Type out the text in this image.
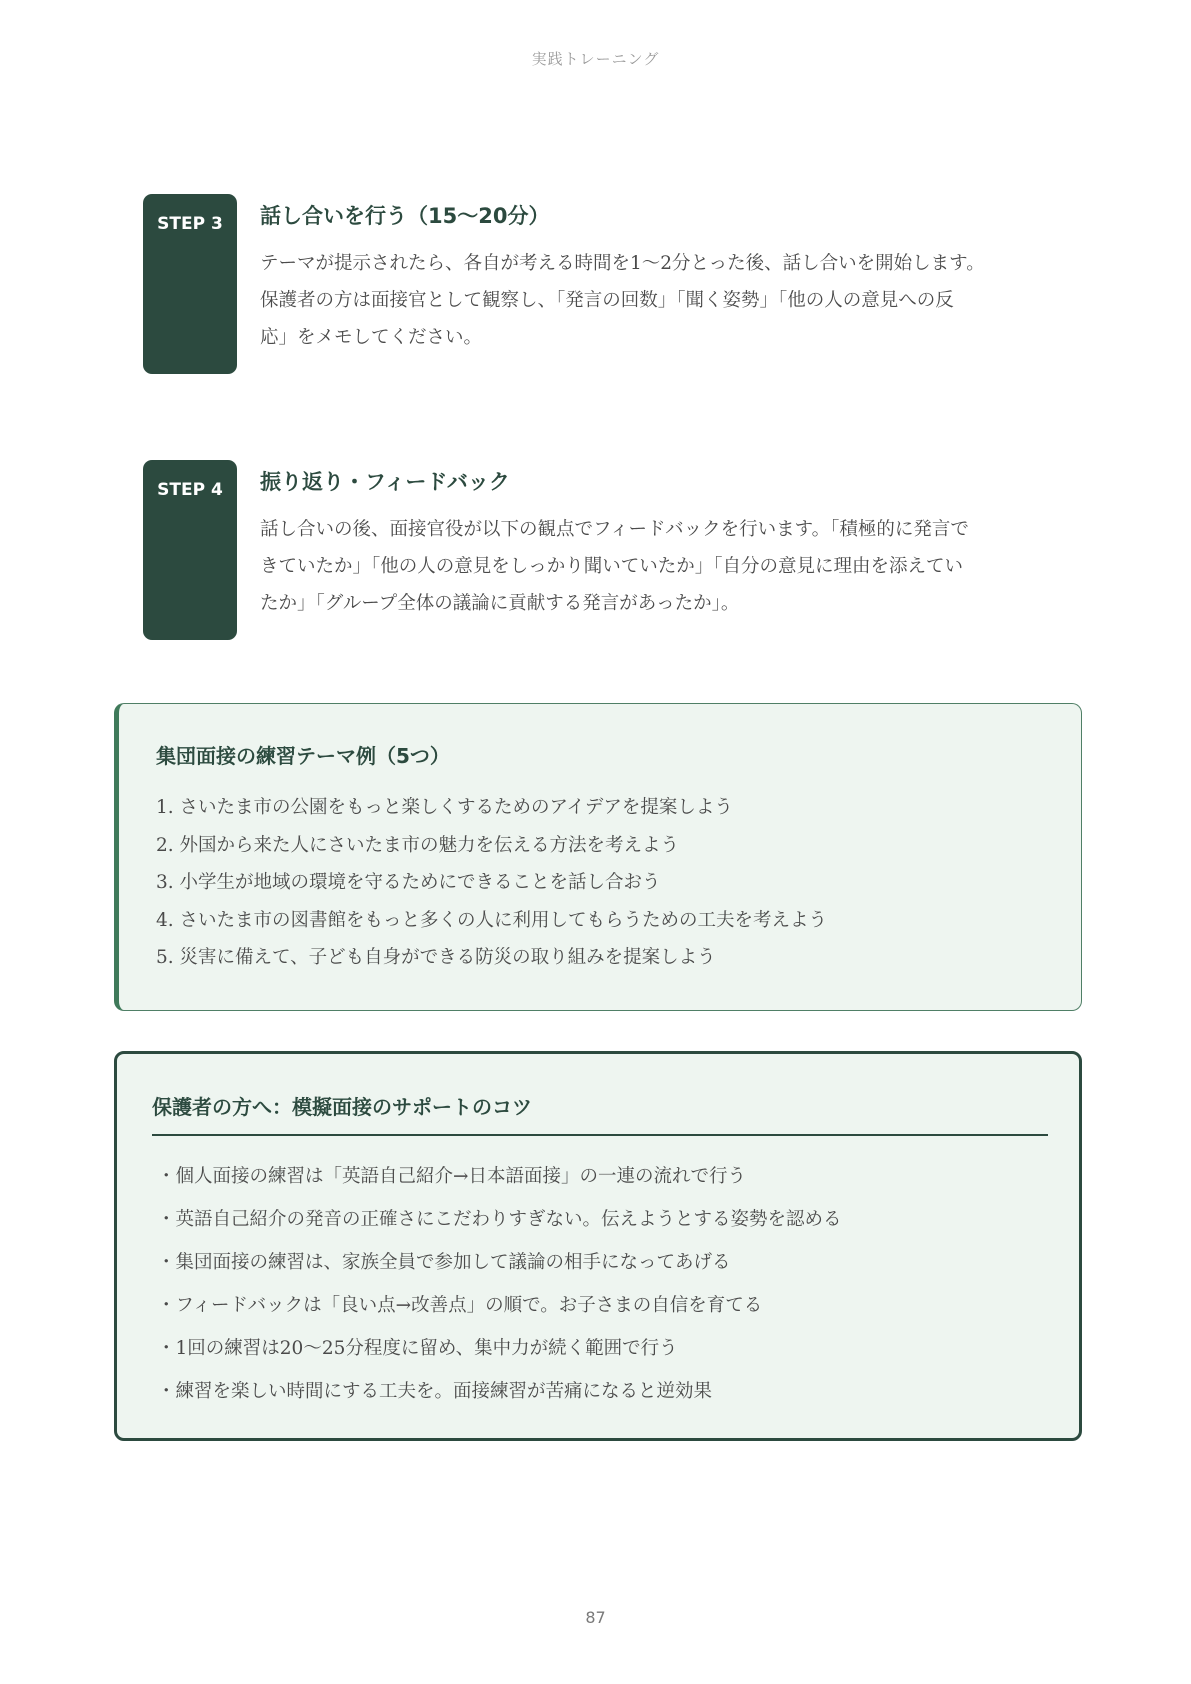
実践トレーニング
STEP 3	話し合いを行う（15〜20分）
テーマが提示されたら、各自が考える時間を1〜2分とった後、話し合いを開始します。
保護者の方は面接官として観察し、「発言の回数」「聞く姿勢」「他の人の意見への反
応」をメモしてください。
STEP 4	振り返り・フィードバック
話し合いの後、面接官役が以下の観点でフィードバックを行います。「積極的に発言で
きていたか」「他の人の意見をしっかり聞いていたか」「自分の意見に理由を添えてい
たか」「グループ全体の議論に貢献する発言があったか」。
集団面接の練習テーマ例（5つ）
1. さいたま市の公園をもっと楽しくするためのアイデアを提案しよう
2. 外国から来た人にさいたま市の魅力を伝える方法を考えよう
3. 小学生が地域の環境を守るためにできることを話し合おう
4. さいたま市の図書館をもっと多くの人に利用してもらうための工夫を考えよう
5. 災害に備えて、子ども自身ができる防災の取り組みを提案しよう
保護者の方へ：模擬面接のサポートのコツ
・ 個人面接の練習は「英語自己紹介→日本語面接」の一連の流れで行う
・ 英語自己紹介の発音の正確さにこだわりすぎない。伝えようとする姿勢を認める
・ 集団面接の練習は、家族全員で参加して議論の相手になってあげる
・ フィードバックは「良い点→改善点」の順で。お子さまの自信を育てる
・ 1回の練習は20〜25分程度に留め、集中力が続く範囲で行う
・ 練習を楽しい時間にする工夫を。面接練習が苦痛になると逆効果
87
